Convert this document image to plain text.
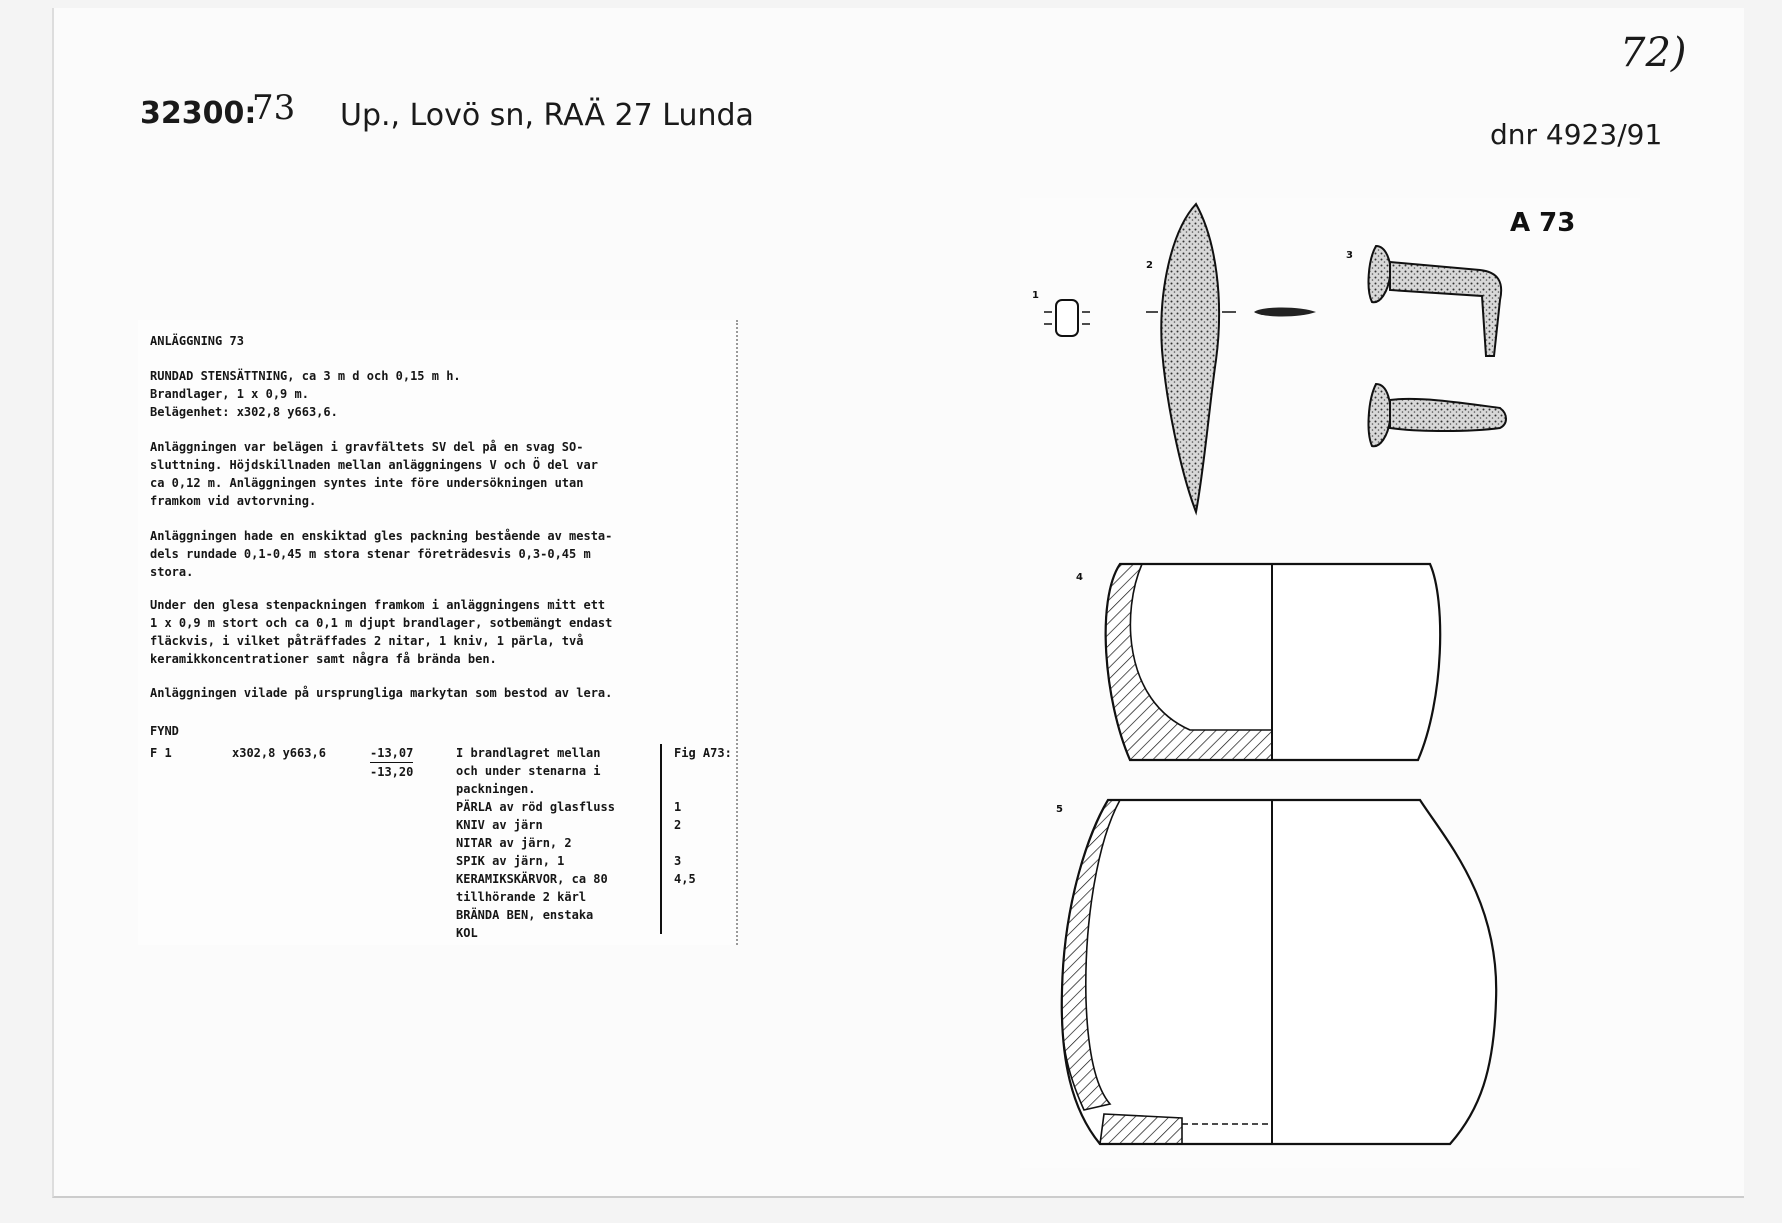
32300:
73 Up., Lovö sn, RAÄ 27 Lunda
72)
dnr 4923/91

ANLÄGGNING 73

RUNDAD STENSÄTTNING, ca 3 m d och 0,15 m h.
Brandlager, 1 x 0,9 m.
Belägenhet: x302,8 y663,6.

Anläggningen var belägen i gravfältets SV del på en svag SO-
sluttning. Höjdskillnaden mellan anläggningens V och Ö del var
ca 0,12 m. Anläggningen syntes inte före undersökningen utan
framkom vid avtorvning.

Anläggningen hade en enskiktad gles packning bestående av mesta-
dels rundade 0,1-0,45 m stora stenar företrädesvis 0,3-0,45 m
stora.

Under den glesa stenpackningen framkom i anläggningens mitt ett
1 x 0,9 m stort och ca 0,1 m djupt brandlager, sotbemängt endast
fläckvis, i vilket påträffades 2 nitar, 1 kniv, 1 pärla, två
keramikkoncentrationer samt några få brända ben.

Anläggningen vilade på ursprungliga markytan som bestod av lera.

FYND

F 1	x302,8 y663,6	-13,07

-13,20

I brandlagret mellan
och under stenarna i
packningen.
PÄRLA av röd glasfluss
KNIV av järn
NITAR av järn, 2
SPIK av järn, 1
KERAMIKSKÄRVOR, ca 80
tillhörande 2 kärl
BRÄNDA BEN, enstaka
KOL
Fig A73:

1
2

3
4,5
A 73
1
2
3
4
5
